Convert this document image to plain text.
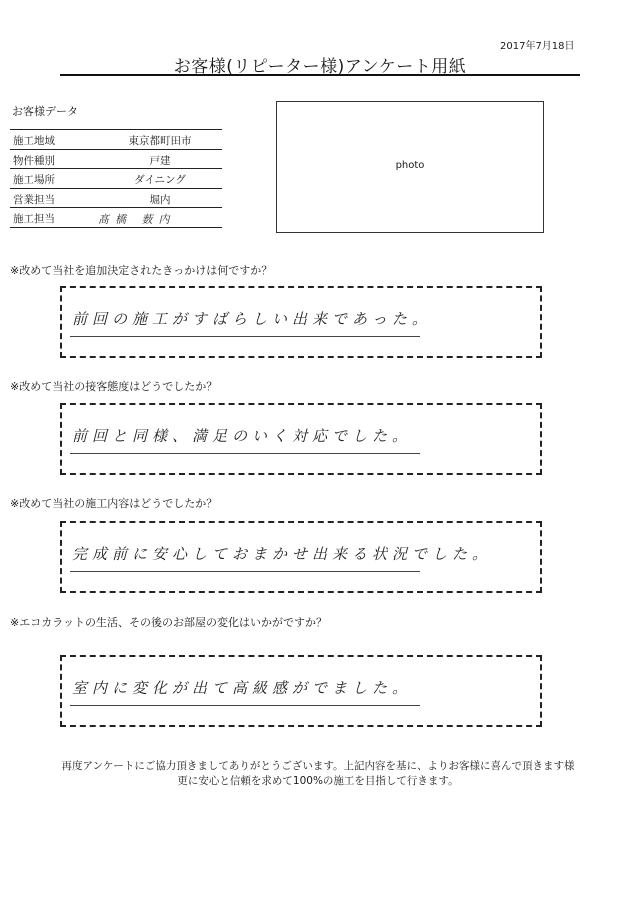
2017年7月18日
お客様(リピーター様)アンケート用紙
お客様データ
施工地域	東京都町田市
物件種別	戸建
施工場所	ダイニング
営業担当	堀内
施工担当	髙橋 薮内
photo
※改めて当社を追加決定されたきっかけは何ですか？
前回の施工がすばらしい出来であった。
※改めて当社の接客態度はどうでしたか？
前回と同様、満足のいく対応でした。
※改めて当社の施工内容はどうでしたか？
完成前に安心しておまかせ出来る状況でした。
※エコカラットの生活、その後のお部屋の変化はいかがですか？
室内に変化が出て高級感がでました。
再度アンケートにご協力頂きましてありがとうございます。上記内容を基に、よりお客様に喜んで頂きます様
更に安心と信頼を求めて100%の施工を目指して行きます。
